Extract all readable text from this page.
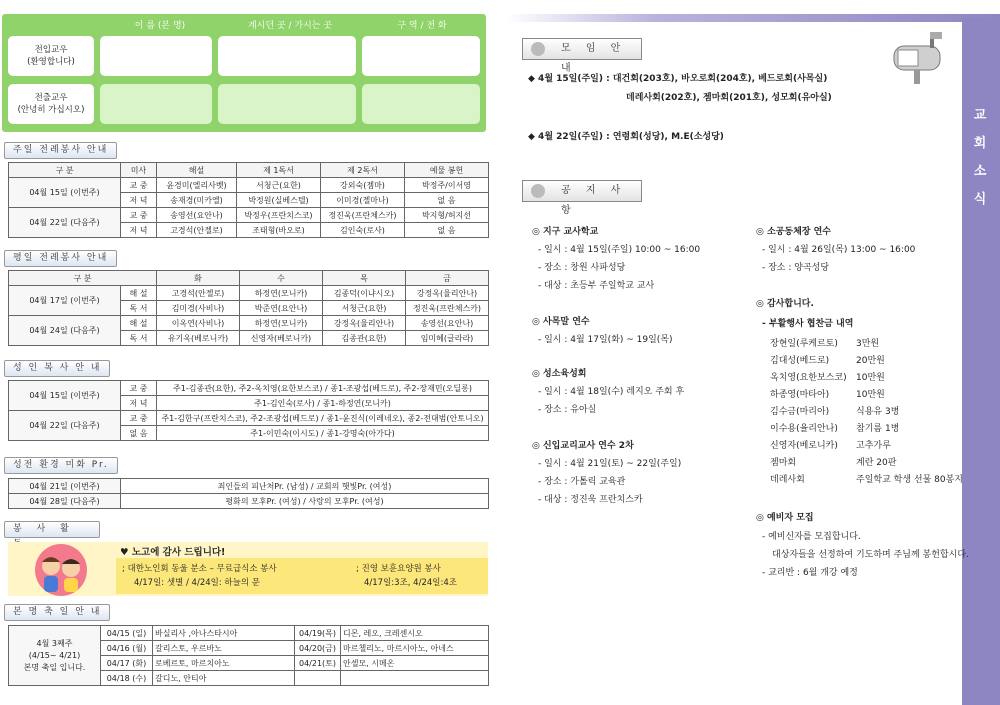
이 름 (본 명)	계시던 곳 / 가시는 곳	구 역 / 전 화
전입교우
(환영합니다)
전출교우
(안녕히 가십시오)
주일 전례봉사 안내
구 분	미사	해설	제 1독서	제 2독서	예물 봉헌
04월 15일 (이번주)	교 중	윤경미(엘리사벳)	서청근(요한)	강외숙(젬마)	박정주/이서영
	저 녁	송재경(미카엘)	박정원(실베스텔)	이미경(젤마나)	없 음
04월 22일 (다음주)	교 중	송영선(요안나)	박정우(프란치스코)	정진욱(프란체스카)	박지형/허지선
	저 녁	고경석(안젤로)	조태형(바오로)	김인숙(로사)	없 음
평일 전례봉사 안내
구 분		화	수	목	금
04월 17일 (이번주)	해 설	고경석(안젤로)	하정연(모니카)	김종덕(이냐시오)	강정옥(율리안나)
	독 서	김미경(사비나)	박준연(요안나)	서청근(요한)	정진욱(프란체스카)
04월 24일 (다음주)	해 설	이옥연(사비나)	하정연(모니카)	강정옥(율리안나)	송영선(요안나)
	독 서	유기옥(베로니카)	신영자(베로니카)	김종관(요한)	임미혜(글라라)
성 인 복 사 안 내
04월 15일 (이번주)	교 중	주1-김종관(요한), 주2-옥치영(요한보스코) / 종1-조광섭(베드로), 주2-장재민(오딜롱)
	저 녁	주1-김인숙(로사) / 종1-하정연(모니카)
04월 22일 (다음주)	교 중	주1-김한구(프란치스코), 주2-조광섭(베드로) / 종1-윤진식(이레네오), 종2-전대범(안토니오)
	없 음	주1-이민숙(이시도) / 종1-강명숙(아가다)
성전 환경 미화 Pr.
04월 21일 (이번주)	죄인들의 피난처Pr. (남성) / 교회의 햇빛Pr. (여성)
04월 28일 (다음주)	평화의 모후Pr. (여성) / 사랑의 모후Pr. (여성)
봉 사 활
♥ 노고에 감사 드립니다!
; 대한노인회 동울 분소 – 무료급식소 봉사
4/17일: 셋별 / 4/24일: 하늘의 문
; 진영 보훈요양원 봉사
4/17일:3조, 4/24일:4조
본 명 축 일 안 내
4월 3째주
(4/15~ 4/21)
본명 축일 입니다.	04/15 (일)	바실리사 ,아나스타시아	04/19(목)	디몬, 레오, 크레센시오
	04/16 (월)	갈리스토, 우르바노	04/20(금)	마르첼리노, 마르시아노, 아네스
	04/17 (화)	로베르토, 마르치아노	04/21(토)	안셀모, 시메온
	04/18 (수)	갈디노, 안티아		
교
회
소
식
모 임 안 내
◆ 4월 15일(주일) : 대건회(203호), 바오로회(204호), 베드로회(사목실)
데레사회(202호), 젬마회(201호), 성모회(유아실)
◆ 4월 22일(주일) : 연령회(성당), M.E(소성당)
공 지 사 항
◎ 지구 교사학교
- 일시 : 4월 15일(주일) 10:00 ~ 16:00
- 장소 : 창원 사파성당
- 대상 : 초등부 주일학교 교사
◎ 사목말 연수
- 일시 : 4월 17일(화) ~ 19일(목)
◎ 성소육성회
- 일시 : 4월 18일(수) 레지오 주회 후
- 장소 : 유아실
◎ 신입교리교사 연수 2차
- 일시 : 4월 21일(토) ~ 22일(주일)
- 장소 : 가톨릭 교육관
- 대상 : 정진욱 프란치스카
◎ 소공동체장 연수
- 일시 : 4월 26일(목) 13:00 ~ 16:00
- 장소 : 양곡성당
◎ 감사합니다.
- 부활행사 협찬금 내역
장현일(루케르토) 3만원
김대성(베드로)	20만원
옥치영(요한보스코) 10만원
하종영(마타아)	10만원
김수금(마리아)	식용유 3병
이수용(율리안나) 참기름 1병
신영자(베로니카) 고추가루
젬마회	계란 20판
데레사회	주일학교 학생 선물 80봉지
◎ 예비자 모집
- 예비신자를 모집합니다.
대상자들을 선정하여 기도하며 주님께 봉헌합시다.
- 교리반 : 6월 개강 예정
